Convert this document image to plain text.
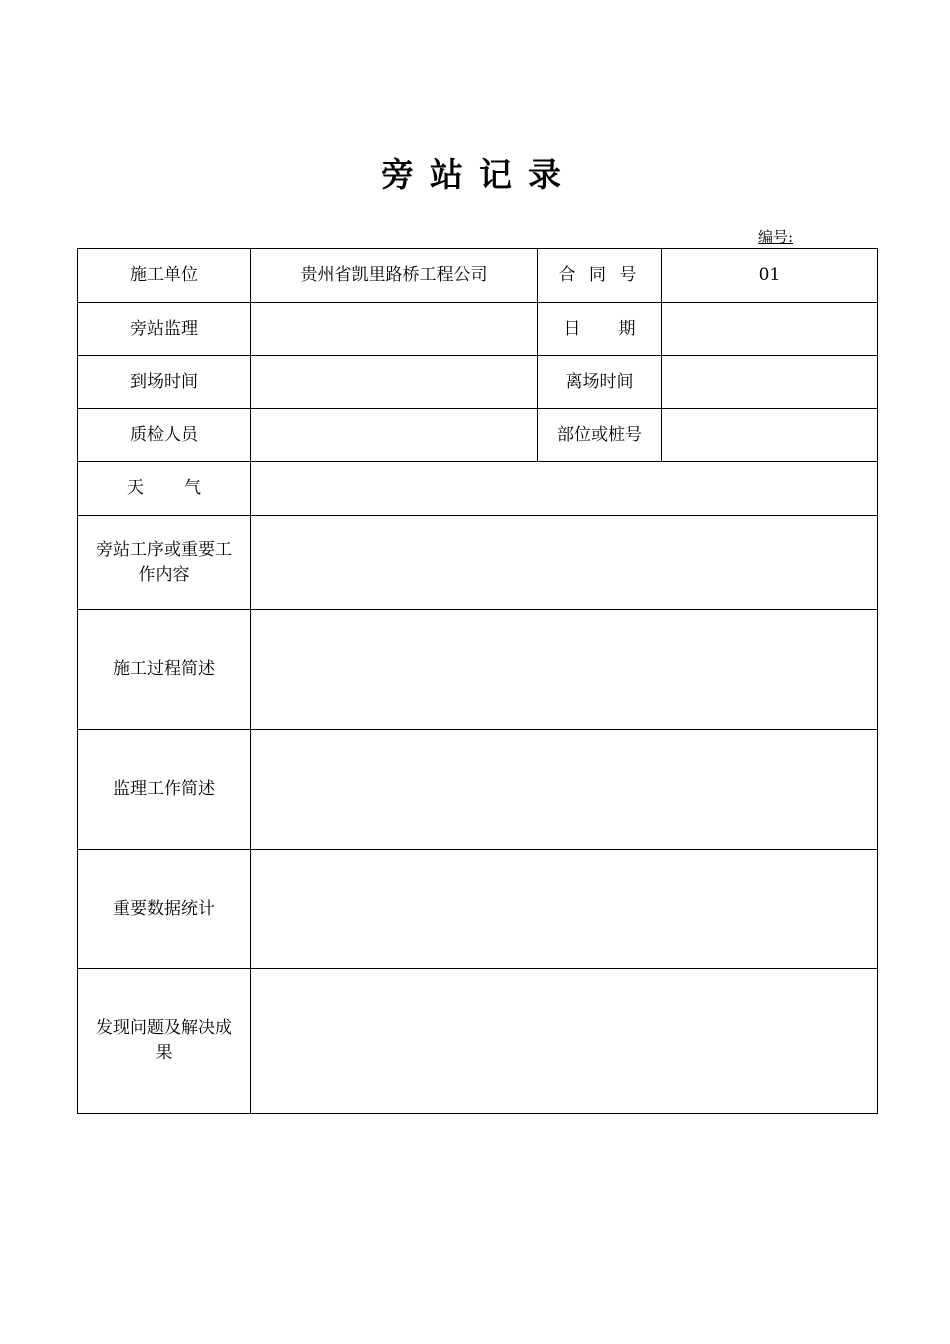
旁站记录
编号:
施工单位	贵州省凯里路桥工程公司	合 同 号	01
旁站监理		日 期	
到场时间		离场时间	
质检人员		部位或桩号	
天 气			
旁站工序或重要工作内容			
施工过程简述			
监理工作简述			
重要数据统计			
发现问题及解决成果			
